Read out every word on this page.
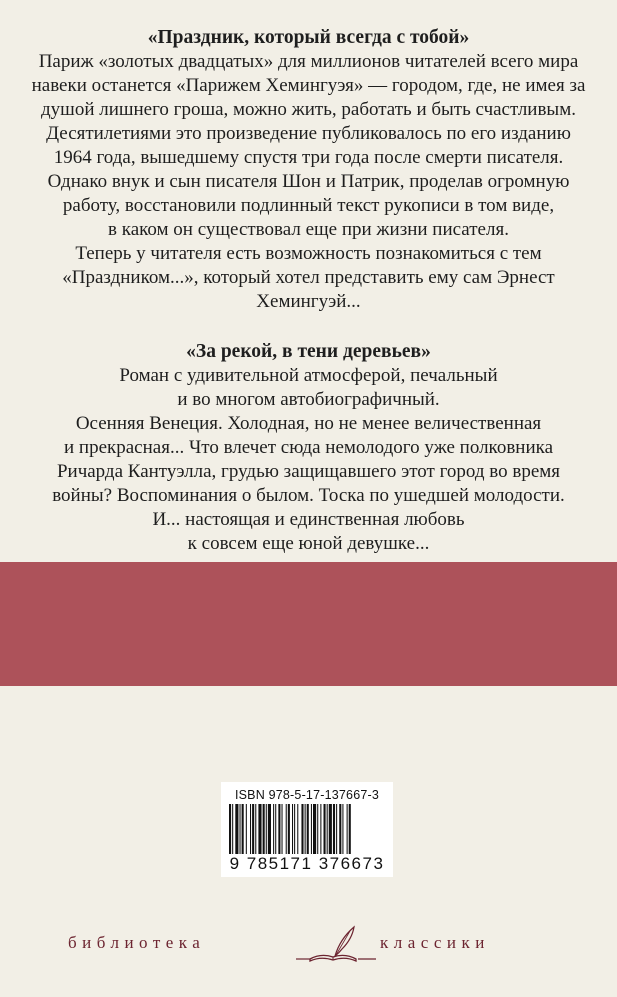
«Праздник, который всегда с тобой»

Париж «золотых двадцатых» для миллионов читателей всего мира
навеки останется «Парижем Хемингуэя» — городом, где, не имея за
душой лишнего гроша, можно жить, работать и быть счастливым.
Десятилетиями это произведение публиковалось по его изданию
1964 года, вышедшему спустя три года после смерти писателя.
Однако внук и сын писателя Шон и Патрик, проделав огромную
работу, восстановили подлинный текст рукописи в том виде,
в каком он существовал еще при жизни писателя.
Теперь у читателя есть возможность познакомиться с тем
«Праздником...», который хотел представить ему сам Эрнест
Хемингуэй...

«За рекой, в тени деревьев»

Роман с удивительной атмосферой, печальный
и во многом автобиографичный.
Осенняя Венеция. Холодная, но не менее величественная
и прекрасная... Что влечет сюда немолодого уже полковника
Ричарда Кантуэлла, грудью защищавшего этот город во время
войны? Воспоминания о былом. Тоска по ушедшей молодости.
И... настоящая и единственная любовь
к совсем еще юной девушке...

ISBN 978-5-17-137667-3
9 785171 376673
библиотека	классики
